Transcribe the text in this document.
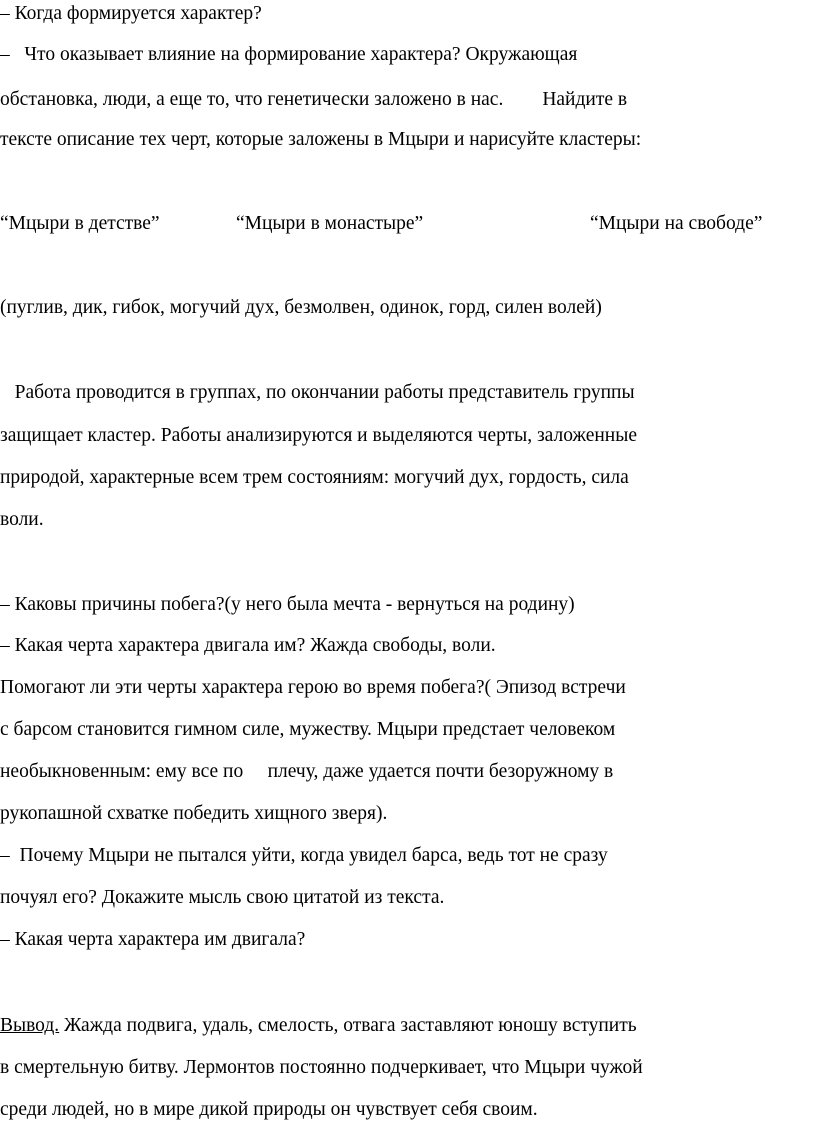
– Когда формируется характер?
–   Что оказывает влияние на формирование характера? Окружающая
обстановка, люди, а еще то, что генетически заложено в нас.        Найдите в
тексте описание тех черт, которые заложены в Мцыри и нарисуйте кластеры:
“Мцыри в детстве”	“Мцыри в монастыре”	“Мцыри на свободе”
(пуглив, дик, гибок, могучий дух, безмолвен, одинок, горд, силен волей)
Работа проводится в группах, по окончании работы представитель группы
защищает кластер. Работы анализируются и выделяются черты, заложенные
природой, характерные всем трем состояниям: могучий дух, гордость, сила
воли.
– Каковы причины побега?(у него была мечта - вернуться на родину)
– Какая черта характера двигала им? Жажда свободы, воли.
Помогают ли эти черты характера герою во время побега?( Эпизод встречи
с барсом становится гимном силе, мужеству. Мцыри предстает человеком
необыкновенным: ему все по     плечу, даже удается почти безоружному в
рукопашной схватке победить хищного зверя).
–  Почему Мцыри не пытался уйти, когда увидел барса, ведь тот не сразу
почуял его? Докажите мысль свою цитатой из текста.
– Какая черта характера им двигала?
Вывод. Жажда подвига, удаль, смелость, отвага заставляют юношу вступить
в смертельную битву. Лермонтов постоянно подчеркивает, что Мцыри чужой
среди людей, но в мире дикой природы он чувствует себя своим.
